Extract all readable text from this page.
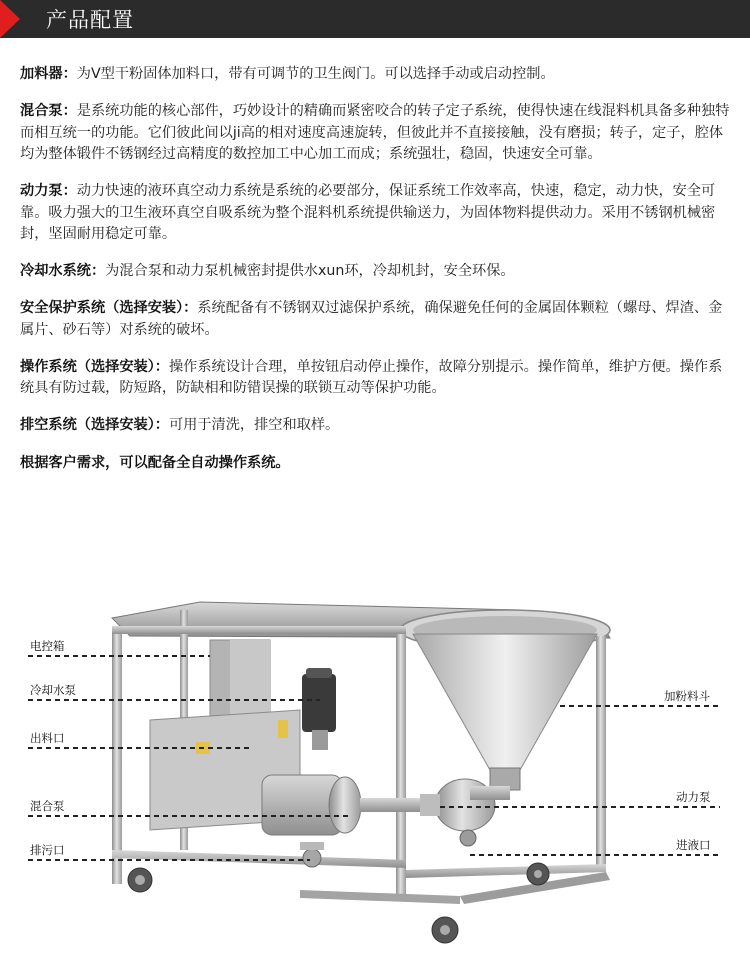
产品配置

加料器：为V型干粉固体加料口，带有可调节的卫生阀门。可以选择手动或启动控制。

混合泵：是系统功能的核心部件，巧妙设计的精确而紧密咬合的转子定子系统，使得快速在线混料机具备多种独特而相互统一的功能。它们彼此间以ji高的相对速度高速旋转，但彼此并不直接接触，没有磨损；转子，定子，腔体均为整体锻件不锈钢经过高精度的数控加工中心加工而成；系统强壮，稳固，快速安全可靠。

动力泵：动力快速的液环真空动力系统是系统的必要部分，保证系统工作效率高，快速，稳定，动力快，安全可靠。吸力强大的卫生液环真空自吸系统为整个混料机系统提供输送力，为固体物料提供动力。采用不锈钢机械密封，坚固耐用稳定可靠。

冷却水系统：为混合泵和动力泵机械密封提供水xun环，冷却机封，安全环保。

安全保护系统（选择安装）：系统配备有不锈钢双过滤保护系统，确保避免任何的金属固体颗粒（螺母、焊渣、金属片、砂石等）对系统的破坏。

操作系统（选择安装）：操作系统设计合理，单按钮启动停止操作，故障分别提示。操作简单，维护方便。操作系统具有防过载，防短路，防缺相和防错误操的联锁互动等保护功能。

排空系统（选择安装）：可用于清洗，排空和取样。

根据客户需求，可以配备全自动操作系统。
电控箱
冷却水泵
出料口
混合泵
排污口
加粉料斗
动力泵
进液口
